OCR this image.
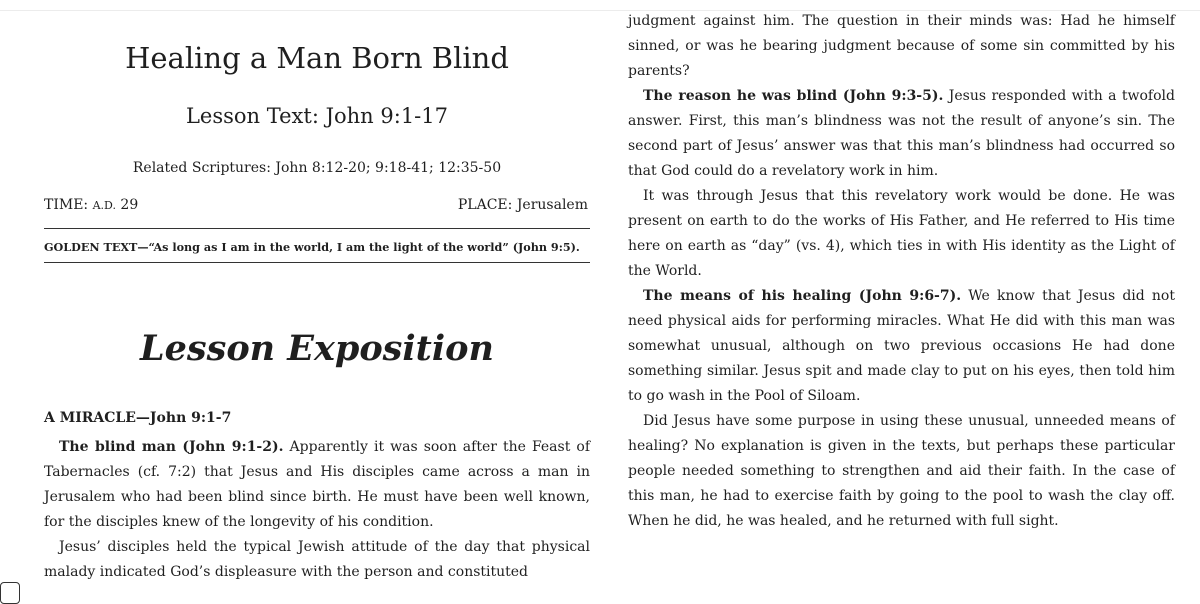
Healing a Man Born Blind
Lesson Text: John 9:1-17
Related Scriptures: John 8:12-20; 9:18-41; 12:35-50
TIME: A.D. 29	PLACE: Jerusalem
GOLDEN TEXT—“As long as I am in the world, I am the light of the world” (John 9:5).
Lesson Exposition
A MIRACLE—John 9:1-7

The blind man (John 9:1-2). Apparently it was soon after the Feast of Tabernacles (cf. 7:2) that Jesus and His disciples came across a man in Jerusalem who had been blind since birth. He must have been well known, for the disciples knew of the longevity of his condition.

Jesus’ disciples held the typical Jewish attitude of the day that physical malady indicated God’s displeasure with the person and constituted

judgment against him. The question in their minds was: Had he himself sinned, or was he bearing judgment because of some sin committed by his parents?

The reason he was blind (John 9:3-5). Jesus responded with a twofold answer. First, this man’s blindness was not the result of anyone’s sin. The second part of Jesus’ answer was that this man’s blindness had occurred so that God could do a revelatory work in him.

It was through Jesus that this revelatory work would be done. He was present on earth to do the works of His Father, and He referred to His time here on earth as “day” (vs. 4), which ties in with His identity as the Light of the World.

The means of his healing (John 9:6-7). We know that Jesus did not need physical aids for performing miracles. What He did with this man was somewhat unusual, although on two previous occasions He had done something similar. Jesus spit and made clay to put on his eyes, then told him to go wash in the Pool of Siloam.

Did Jesus have some purpose in using these unusual, unneeded means of healing? No explanation is given in the texts, but perhaps these particular people needed something to strengthen and aid their faith. In the case of this man, he had to exercise faith by going to the pool to wash the clay off. When he did, he was healed, and he returned with full sight.
